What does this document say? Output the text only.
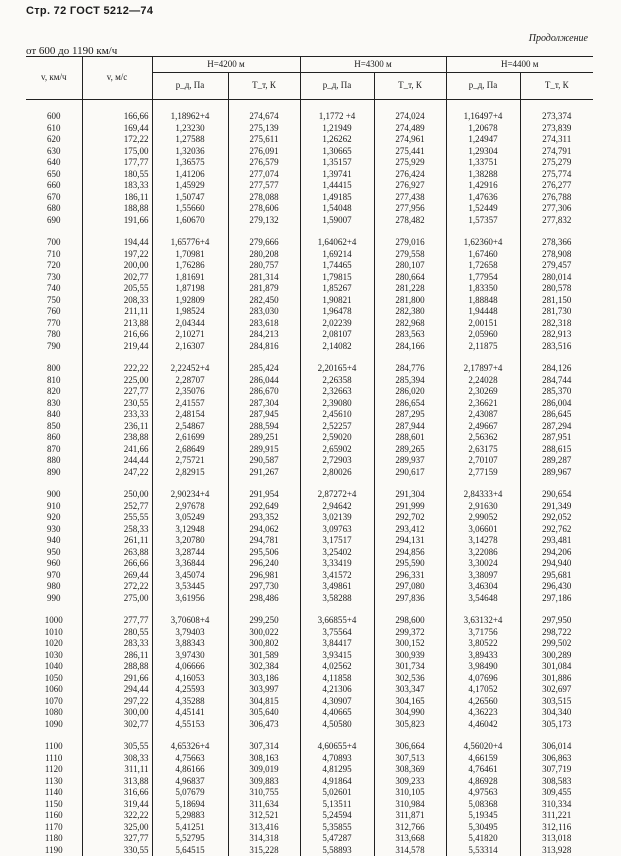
Стр. 72 ГОСТ 5212—74
Продолжение
от 600 до 1190 км/ч
v, км/ч	v, м/с	H=4200 м		H=4300 м		H=4400 м	
		p_д, Па	T_т, К	p_д, Па	T_т, К	p_д, Па	T_т, К
600	166,66	1,18962+4	274,674	1,1772 +4	274,024	1,16497+4	273,374
610	169,44	1,23230	275,139	1,21949	274,489	1,20678	273,839
620	172,22	1,27588	275,611	1,26262	274,961	1,24947	274,311
630	175,00	1,32036	276,091	1,30665	275,441	1,29304	274,791
640	177,77	1,36575	276,579	1,35157	275,929	1,33751	275,279
650	180,55	1,41206	277,074	1,39741	276,424	1,38288	275,774
660	183,33	1,45929	277,577	1,44415	276,927	1,42916	276,277
670	186,11	1,50747	278,088	1,49185	277,438	1,47636	276,788
680	188,88	1,55660	278,606	1,54048	277,956	1,52449	277,306
690	191,66	1,60670	279,132	1,59007	278,482	1,57357	277,832
700	194,44	1,65776+4	279,666	1,64062+4	279,016	1,62360+4	278,366
710	197,22	1,70981	280,208	1,69214	279,558	1,67460	278,908
720	200,00	1,76286	280,757	1,74465	280,107	1,72658	279,457
730	202,77	1,81691	281,314	1,79815	280,664	1,77954	280,014
740	205,55	1,87198	281,879	1,85267	281,228	1,83350	280,578
750	208,33	1,92809	282,450	1,90821	281,800	1,88848	281,150
760	211,11	1,98524	283,030	1,96478	282,380	1,94448	281,730
770	213,88	2,04344	283,618	2,02239	282,968	2,00151	282,318
780	216,66	2,10271	284,213	2,08107	283,563	2,05960	282,913
790	219,44	2,16307	284,816	2,14082	284,166	2,11875	283,516
800	222,22	2,22452+4	285,424	2,20165+4	284,776	2,17897+4	284,126
810	225,00	2,28707	286,044	2,26358	285,394	2,24028	284,744
820	227,77	2,35076	286,670	2,32663	286,020	2,30269	285,370
830	230,55	2,41557	287,304	2,39080	286,654	2,36621	286,004
840	233,33	2,48154	287,945	2,45610	287,295	2,43087	286,645
850	236,11	2,54867	288,594	2,52257	287,944	2,49667	287,294
860	238,88	2,61699	289,251	2,59020	288,601	2,56362	287,951
870	241,66	2,68649	289,915	2,65902	289,265	2,63175	288,615
880	244,44	2,75721	290,587	2,72903	289,937	2,70107	289,287
890	247,22	2,82915	291,267	2,80026	290,617	2,77159	289,967
900	250,00	2,90234+4	291,954	2,87272+4	291,304	2,84333+4	290,654
910	252,77	2,97678	292,649	2,94642	291,999	2,91630	291,349
920	255,55	3,05249	293,352	3,02139	292,702	2,99052	292,052
930	258,33	3,12948	294,062	3,09763	293,412	3,06601	292,762
940	261,11	3,20780	294,781	3,17517	294,131	3,14278	293,481
950	263,88	3,28744	295,506	3,25402	294,856	3,22086	294,206
960	266,66	3,36844	296,240	3,33419	295,590	3,30024	294,940
970	269,44	3,45074	296,981	3,41572	296,331	3,38097	295,681
980	272,22	3,53445	297,730	3,49861	297,080	3,46304	296,430
990	275,00	3,61956	298,486	3,58288	297,836	3,54648	297,186
1000	277,77	3,70608+4	299,250	3,66855+4	298,600	3,63132+4	297,950
1010	280,55	3,79403	300,022	3,75564	299,372	3,71756	298,722
1020	283,33	3,88343	300,802	3,84417	300,152	3,80522	299,502
1030	286,11	3,97430	301,589	3,93415	300,939	3,89433	300,289
1040	288,88	4,06666	302,384	4,02562	301,734	3,98490	301,084
1050	291,66	4,16053	303,186	4,11858	302,536	4,07696	301,886
1060	294,44	4,25593	303,997	4,21306	303,347	4,17052	302,697
1070	297,22	4,35288	304,815	4,30907	304,165	4,26560	303,515
1080	300,00	4,45141	305,640	4,40665	304,990	4,36223	304,340
1090	302,77	4,55153	306,473	4,50580	305,823	4,46042	305,173
1100	305,55	4,65326+4	307,314	4,60655+4	306,664	4,56020+4	306,014
1110	308,33	4,75663	308,163	4,70893	307,513	4,66159	306,863
1120	311,11	4,86166	309,019	4,81295	308,369	4,76461	307,719
1130	313,88	4,96837	309,883	4,91864	309,233	4,86928	308,583
1140	316,66	5,07679	310,755	5,02601	310,105	4,97563	309,455
1150	319,44	5,18694	311,634	5,13511	310,984	5,08368	310,334
1160	322,22	5,29883	312,521	5,24594	311,871	5,19345	311,221
1170	325,00	5,41251	313,416	5,35855	312,766	5,30495	312,116
1180	327,77	5,52795	314,318	5,47287	313,668	5,41820	313,018
1190	330,55	5,64515	315,228	5,58893	314,578	5,53314	313,928
